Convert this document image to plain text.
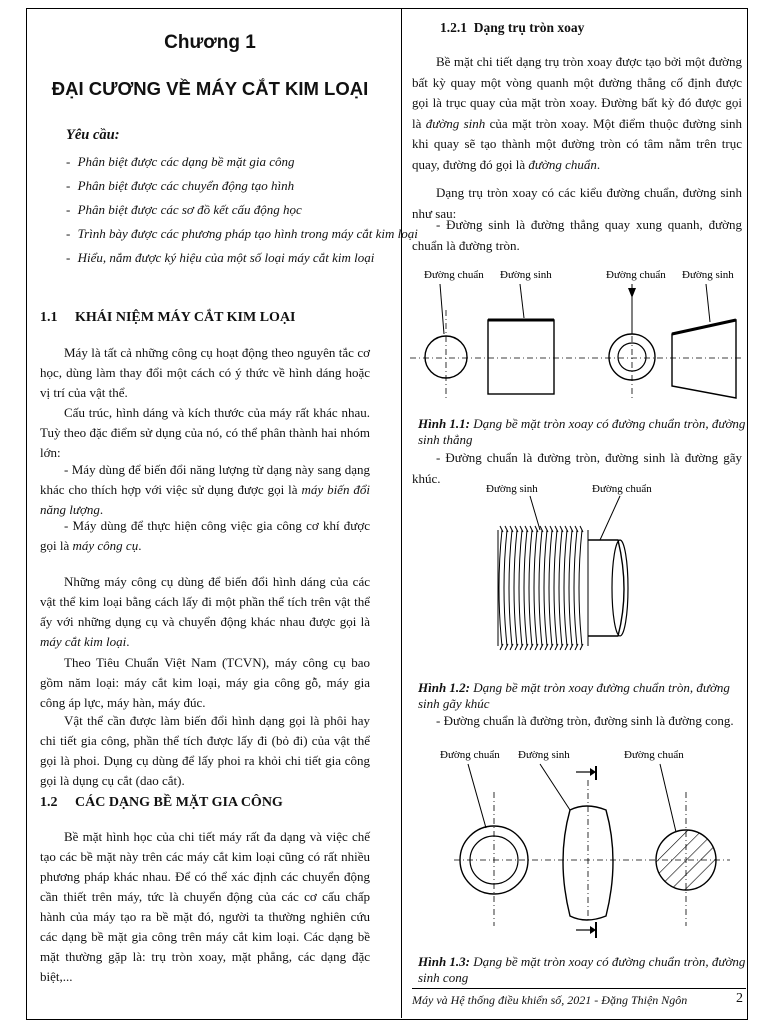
Chương 1
ĐẠI CƯƠNG VỀ MÁY CẮT KIM LOẠI
Yêu cầu:
- Phân biệt được các dạng bề mặt gia công
- Phân biệt được các chuyển động tạo hình
- Phân biệt được các sơ đồ kết cấu động học
- Trình bày được các phương pháp tạo hình trong máy cắt kim loại
- Hiểu, nắm được ký hiệu của một số loại máy cắt kim loại
1.1 KHÁI NIỆM MÁY CẮT KIM LOẠI

Máy là tất cả những công cụ hoạt động theo nguyên tắc cơ học, dùng làm thay đổi một cách có ý thức về hình dáng hoặc vị trí của vật thể.

Cấu trúc, hình dáng và kích thước của máy rất khác nhau. Tuỳ theo đặc điểm sử dụng của nó, có thể phân thành hai nhóm lớn:

- Máy dùng để biến đổi năng lượng từ dạng này sang dạng khác cho thích hợp với việc sử dụng được gọi là máy biến đổi năng lượng.

- Máy dùng để thực hiện công việc gia công cơ khí được gọi là máy công cụ.

Những máy công cụ dùng để biến đổi hình dáng của các vật thể kim loại bằng cách lấy đi một phần thể tích trên vật thể ấy với những dụng cụ và chuyển động khác nhau được gọi là máy cắt kim loại.

Theo Tiêu Chuẩn Việt Nam (TCVN), máy công cụ bao gồm năm loại: máy cắt kim loại, máy gia công gỗ, máy gia công áp lực, máy hàn, máy đúc.

Vật thể cần được làm biến đổi hình dạng gọi là phôi hay chi tiết gia công, phần thể tích được lấy đi (bỏ đi) của vật thể gọi là phoi. Dụng cụ dùng để lấy phoi ra khỏi chi tiết gia công gọi là dụng cụ cắt (dao cắt).

1.2 CÁC DẠNG BỀ MẶT GIA CÔNG

Bề mặt hình học của chi tiết máy rất đa dạng và việc chế tạo các bề mặt này trên các máy cắt kim loại cũng có rất nhiều phương pháp khác nhau. Để có thể xác định các chuyển động cần thiết trên máy, tức là chuyển động của các cơ cấu chấp hành của máy tạo ra bề mặt đó, người ta thường nghiên cứu các dạng bề mặt gia công trên máy cắt kim loại. Các dạng bề mặt thường gặp là: trụ tròn xoay, mặt phẳng, các dạng đặc biệt,...

1.2.1 Dạng trụ tròn xoay

Bề mặt chi tiết dạng trụ tròn xoay được tạo bởi một đường bất kỳ quay một vòng quanh một đường thẳng cố định được gọi là trục quay của mặt tròn xoay. Đường bất kỳ đó được gọi là đường sinh của mặt tròn xoay. Một điểm thuộc đường sinh khi quay sẽ tạo thành một đường tròn có tâm nằm trên trục quay, đường đó gọi là đường chuẩn.

Dạng trụ tròn xoay có các kiểu đường chuẩn, đường sinh như sau:

- Đường sinh là đường thẳng quay xung quanh, đường chuẩn là đường tròn.

Đường chuẩn Đường sinh	Đường chuẩn Đường sinh
Hình 1.1: Dạng bề mặt tròn xoay có đường chuẩn tròn, đường sinh thẳng

- Đường chuẩn là đường tròn, đường sinh là đường gãy khúc.

Đường sinh	Đường chuẩn
Hình 1.2: Dạng bề mặt tròn xoay đường chuẩn tròn, đường sinh gãy khúc

- Đường chuẩn là đường tròn, đường sinh là đường cong.

Đường chuẩn Đường sinh	Đường chuẩn
Hình 1.3: Dạng bề mặt tròn xoay có đường chuẩn tròn, đường sinh cong
Máy và Hệ thống điều khiển số, 2021 - Đặng Thiện Ngôn	2
